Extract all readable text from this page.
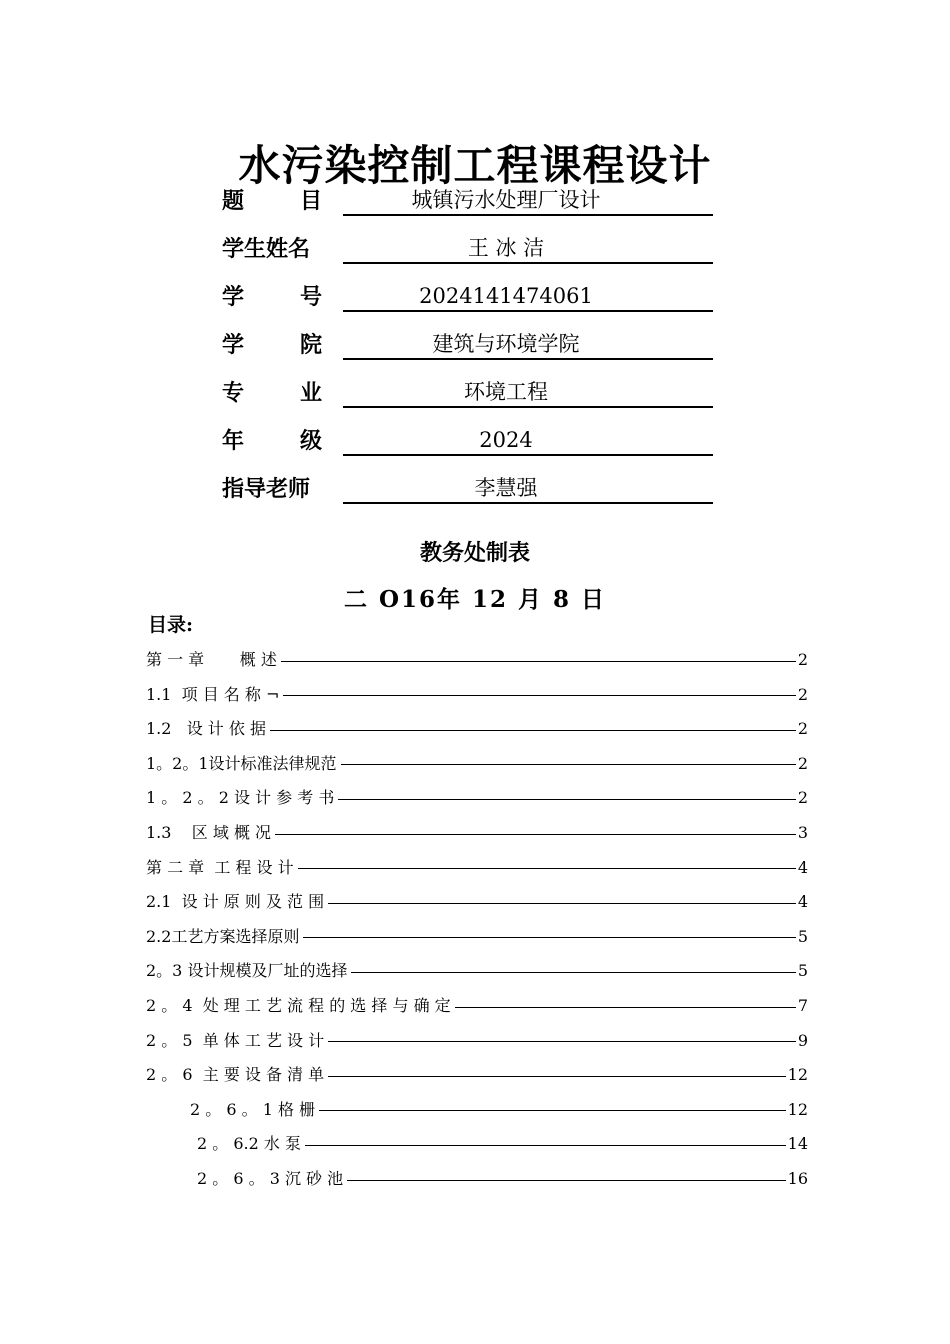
水污染控制工程课程设计
题	目	城镇污水处理厂设计
学生姓名	王 冰 洁
学	号	2024141474061
学	院	建筑与环境学院
专	业	环境工程
年	级	2024
指导老师	李慧强
教务处制表
二 O16年 12 月 8 日
目录:
第 一 章       概 述	2
1.1  项 目 名 称 ¬	2
1.2   设 计 依 据	2
1。2。1设计标准法律规范	2
1 。 2 。 2 设 计 参 考 书	2
1.3    区 域 概 况	3
第 二 章  工 程 设 计	4
2.1  设 计 原 则 及 范 围	4
2.2工艺方案选择原则	5
2。3 设计规模及厂址的选择	5
2 。 4  处 理 工 艺 流 程 的 选 择 与 确 定	7
2 。 5  单 体 工 艺 设 计	9
2 。 6  主 要 设 备 清 单	12
2 。 6 。 1 格 栅	12
2 。 6.2 水 泵	14
2 。 6 。 3 沉 砂 池	16
